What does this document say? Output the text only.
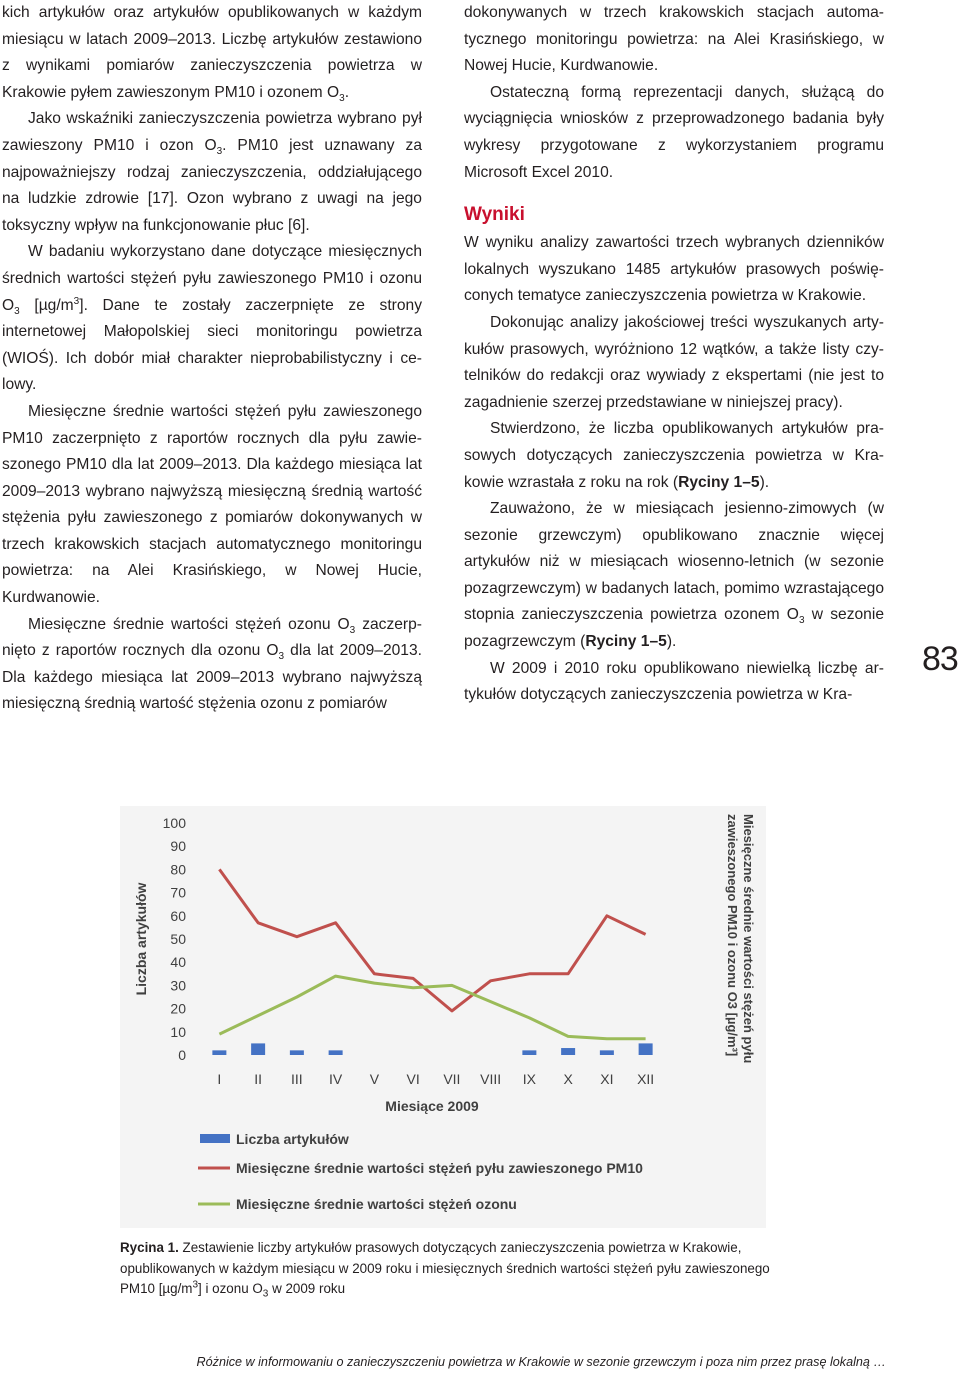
kich artykułów oraz artykułów opublikowanych w każdym miesiącu w latach 2009–2013. Liczbę artykułów zestawiono z wynikami pomiarów zanieczyszczenia powietrza w Krakowie pyłem zawieszonym PM10 i ozonem $O_3$.

Jako wskaźniki zanieczyszczenia powietrza wybrano pył zawieszony PM10 i ozon $O_3$. PM10 jest uznawany za najpoważniejszy rodzaj zanieczyszczenia, oddziałującego na ludzkie zdrowie [17]. Ozon wybrano z uwagi na jego toksyczny wpływ na funkcjonowanie płuc [6].

W badaniu wykorzystano dane dotyczące miesięcznych średnich wartości stężeń pyłu zawieszonego PM10 i ozonu $O_3$ $[\mu g/m^3]$. Dane te zostały zaczerpnięte ze strony internetowej Małopolskiej sieci monitoringu powietrza (WIOŚ). Ich dobór miał charakter nieprobabilistyczny i celowy.

Miesięczne średnie wartości stężeń pyłu zawieszonego PM10 zaczerpnięto z raportów rocznych dla pyłu zawieszonego PM10 dla lat 2009–2013. Dla każdego miesiąca lat 2009–2013 wybrano najwyższą miesięczną średnią wartość stężenia pyłu zawieszonego z pomiarów dokonywanych w trzech krakowskich stacjach automatycznego monitoringu powietrza: na Alei Krasińskiego, w Nowej Hucie, Kurdwanowie.

Miesięczne średnie wartości stężeń ozonu $O_3$ zaczerpnięto z raportów rocznych dla ozonu $O_3$ dla lat 2009–2013. Dla każdego miesiąca lat 2009–2013 wybrano najwyższą miesięczną średnią wartość stężenia ozonu z pomiarów

dokonywanych w trzech krakowskich stacjach automatycznego monitoringu powietrza: na Alei Krasińskiego, w Nowej Hucie, Kurdwanowie.

Ostateczną formą reprezentacji danych, służącą do wyciągnięcia wniosków z przeprowadzonego badania były wykresy przygotowane z wykorzystaniem programu Microsoft Excel 2010.

Wyniki

W wyniku analizy zawartości trzech wybranych dzienników lokalnych wyszukano 1485 artykułów prasowych poświęconych tematyce zanieczyszczenia powietrza w Krakowie.

Dokonując analizy jakościowej treści wyszukanych artykułów prasowych, wyróżniono 12 wątków, a także listy czytelników do redakcji oraz wywiady z ekspertami (nie jest to zagadnienie szerzej przedstawiane w niniejszej pracy).

Stwierdzono, że liczba opublikowanych artykułów prasowych dotyczących zanieczyszczenia powietrza w Krakowie wzrastała z roku na rok (Ryciny 1–5).

Zauważono, że w miesiącach jesienno-zimowych (w sezonie grzewczym) opublikowano znacznie więcej artykułów niż w miesiącach wiosenno-letnich (w sezonie pozagrzewczym) w badanych latach, pomimo wzrastającego stopnia zanieczyszczenia powietrza ozonem $O_3$ w sezonie pozagrzewczym (Ryciny 1–5).

W 2009 i 2010 roku opublikowano niewielką liczbę artykułów dotyczących zanieczyszczenia powietrza w Kra-

83
0
10
20
30
40
50
60
70
80
90
100
I II III IV V VI VII VIII IX X XI XII
Liczba artykułów
Miesiące 2009
Miesięczne średnie wartości stężeń pyłu
zawieszonego PM10 i ozonu O3 [µg/m³]
Liczba artykułów
Miesięczne średnie wartości stężeń pyłu zawieszonego PM10
Miesięczne średnie wartości stężeń ozonu
Rycina 1. Zestawienie liczby artykułów prasowych dotyczących zanieczyszczenia powietrza w Krakowie, opublikowanych w każdym miesiącu w 2009 roku i miesięcznych średnich wartości stężeń pyłu zawieszonego PM10 $[\mu g/m^3]$ i ozonu $O_3$ w 2009 roku
Różnice w informowaniu o zanieczyszczeniu powietrza w Krakowie w sezonie grzewczym i poza nim przez prasę lokalną …
